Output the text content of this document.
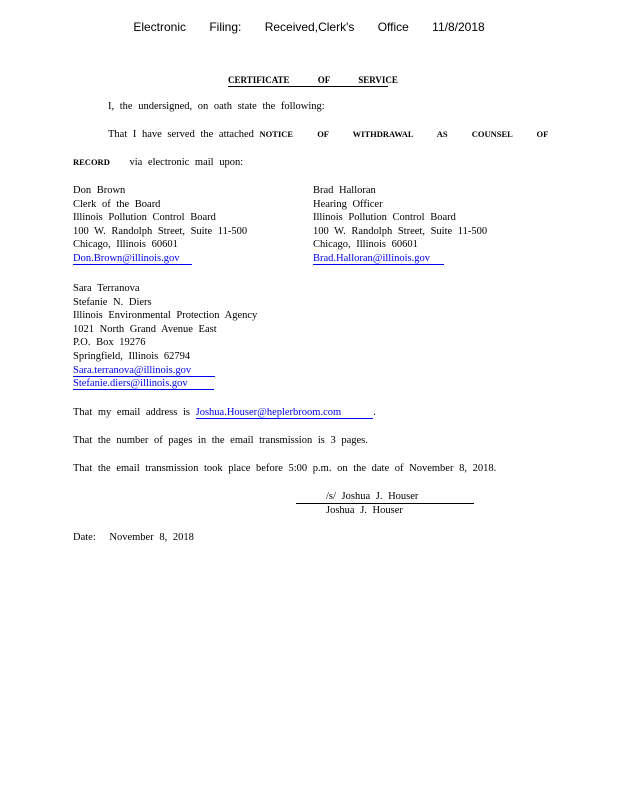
Electronic Filing: Received,Clerk's Office 11/8/2018
CERTIFICATE OF SERVICE
I, the undersigned, on oath state the following:
That I have served the attached NOTICE OF WITHDRAWAL AS COUNSEL OF
RECORD via electronic mail upon:
Don Brown
Clerk of the Board
Illinois Pollution Control Board
100 W. Randolph Street, Suite 11-500
Chicago, Illinois 60601
Don.Brown@illinois.gov
Brad Halloran
Hearing Officer
Illinois Pollution Control Board
100 W. Randolph Street, Suite 11-500
Chicago, Illinois 60601
Brad.Halloran@illinois.gov
Sara Terranova
Stefanie N. Diers
Illinois Environmental Protection Agency
1021 North Grand Avenue East
P.O. Box 19276
Springfield, Illinois 62794
Sara.terranova@illinois.gov
Stefanie.diers@illinois.gov
That my email address is Joshua.Houser@heplerbroom.com	.
That the number of pages in the email transmission is 3 pages.
That the email transmission took place before 5:00 p.m. on the date of November 8, 2018.
/s/ Joshua J. Houser
Joshua J. Houser
Date: November 8, 2018
